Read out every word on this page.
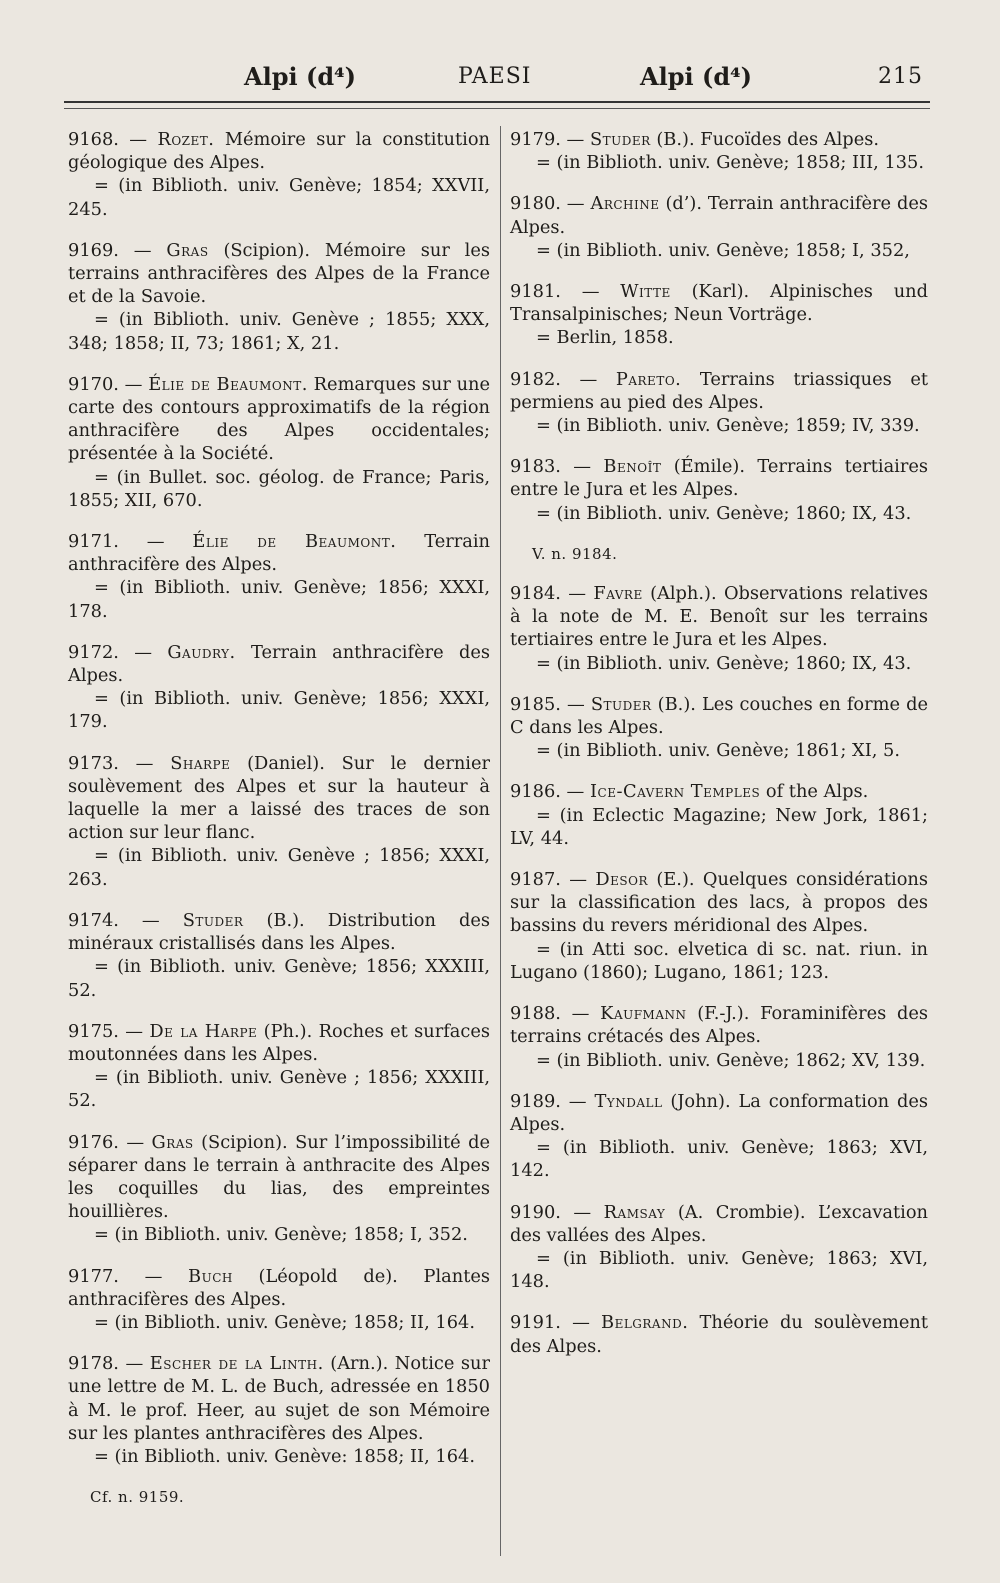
Alpi (d⁴)	PAESI	Alpi (d⁴)	215

9168. — Rozet. Mémoire sur la constitution géologique des Alpes.

= (in Biblioth. univ. Genève; 1854; XXVII, 245.

9169. — Gras (Scipion). Mémoire sur les terrains anthracifères des Alpes de la France et de la Savoie.

= (in Biblioth. univ. Genève ; 1855; XXX, 348; 1858; II, 73; 1861; X, 21.

9170. — Élie de Beaumont. Remarques sur une carte des contours approximatifs de la région anthracifère des Alpes occidentales; présentée à la Société.

= (in Bullet. soc. géolog. de France; Paris, 1855; XII, 670.

9171. — Élie de Beaumont. Terrain anthracifère des Alpes.

= (in Biblioth. univ. Genève; 1856; XXXI, 178.

9172. — Gaudry. Terrain anthracifère des Alpes.

= (in Biblioth. univ. Genève; 1856; XXXI, 179.

9173. — Sharpe (Daniel). Sur le dernier soulèvement des Alpes et sur la hauteur à laquelle la mer a laissé des traces de son action sur leur flanc.

= (in Biblioth. univ. Genève ; 1856; XXXI, 263.

9174. — Studer (B.). Distribution des minéraux cristallisés dans les Alpes.

= (in Biblioth. univ. Genève; 1856; XXXIII, 52.

9175. — De la Harpe (Ph.). Roches et surfaces moutonnées dans les Alpes.

= (in Biblioth. univ. Genève ; 1856; XXXIII, 52.

9176. — Gras (Scipion). Sur l’impossibilité de séparer dans le terrain à anthracite des Alpes les coquilles du lias, des empreintes houillières.

= (in Biblioth. univ. Genève; 1858; I, 352.

9177. — Buch (Léopold de). Plantes anthracifères des Alpes.

= (in Biblioth. univ. Genève; 1858; II, 164.

9178. — Escher de la Linth. (Arn.). Notice sur une lettre de M. L. de Buch, adressée en 1850 à M. le prof. Heer, au sujet de son Mémoire sur les plantes anthracifères des Alpes.

= (in Biblioth. univ. Genève: 1858; II, 164.

Cf. n. 9159.

9179. — Studer (B.). Fucoïdes des Alpes.

= (in Biblioth. univ. Genève; 1858; III, 135.

9180. — Archine (d’). Terrain anthracifère des Alpes.

= (in Biblioth. univ. Genève; 1858; I, 352,

9181. — Witte (Karl). Alpinisches und Transalpinisches; Neun Vorträge.

= Berlin, 1858.

9182. — Pareto. Terrains triassiques et permiens au pied des Alpes.

= (in Biblioth. univ. Genève; 1859; IV, 339.

9183. — Benoît (Émile). Terrains tertiaires entre le Jura et les Alpes.

= (in Biblioth. univ. Genève; 1860; IX, 43.

V. n. 9184.

9184. — Favre (Alph.). Observations relatives à la note de M. E. Benoît sur les terrains tertiaires entre le Jura et les Alpes.

= (in Biblioth. univ. Genève; 1860; IX, 43.

9185. — Studer (B.). Les couches en forme de C dans les Alpes.

= (in Biblioth. univ. Genève; 1861; XI, 5.

9186. — Ice-Cavern Temples of the Alps.

= (in Eclectic Magazine; New Jork, 1861; LV, 44.

9187. — Desor (E.). Quelques considérations sur la classification des lacs, à propos des bassins du revers méridional des Alpes.

= (in Atti soc. elvetica di sc. nat. riun. in Lugano (1860); Lugano, 1861; 123.

9188. — Kaufmann (F.-J.). Foraminifères des terrains crétacés des Alpes.

= (in Biblioth. univ. Genève; 1862; XV, 139.

9189. — Tyndall (John). La conformation des Alpes.

= (in Biblioth. univ. Genève; 1863; XVI, 142.

9190. — Ramsay (A. Crombie). L’excavation des vallées des Alpes.

= (in Biblioth. univ. Genève; 1863; XVI, 148.

9191. — Belgrand. Théorie du soulèvement des Alpes.
